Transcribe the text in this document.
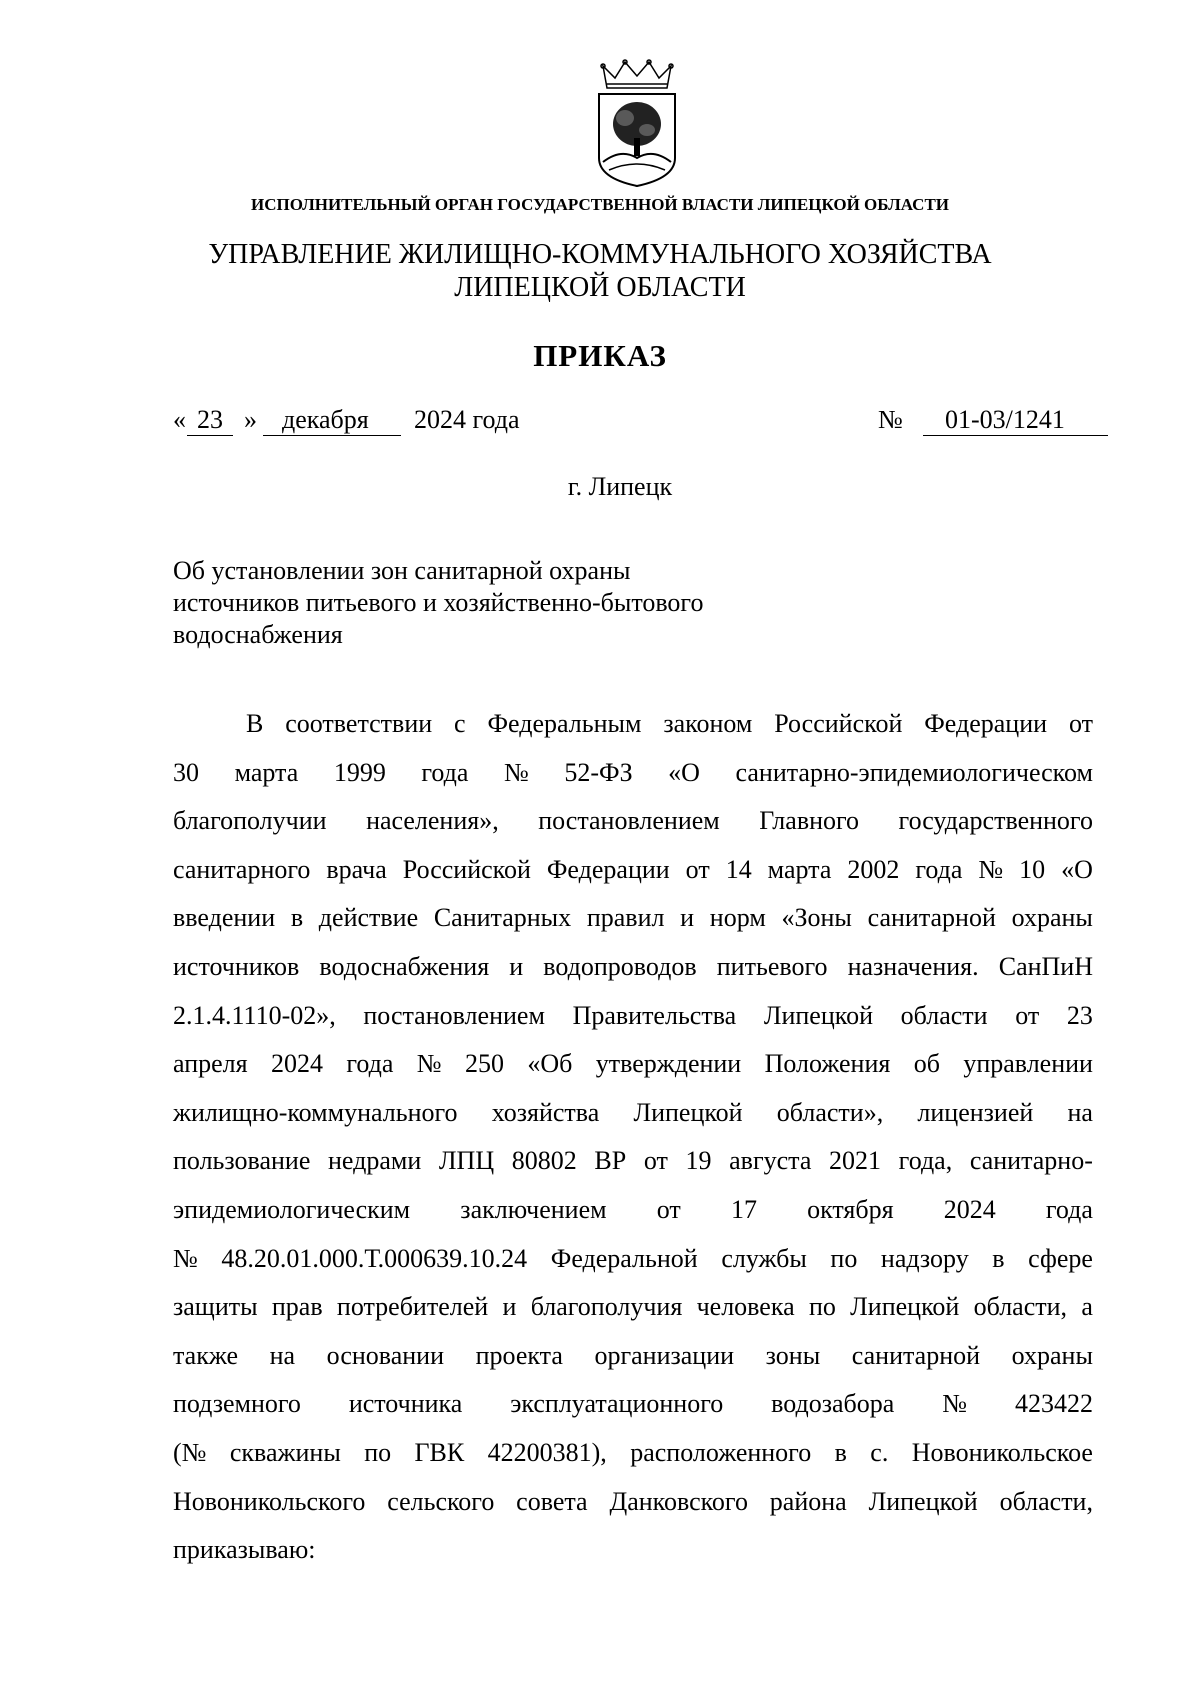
ИСПОЛНИТЕЛЬНЫЙ ОРГАН ГОСУДАРСТВЕННОЙ ВЛАСТИ ЛИПЕЦКОЙ ОБЛАСТИ
УПРАВЛЕНИЕ ЖИЛИЩНО-КОММУНАЛЬНОГО ХОЗЯЙСТВА
ЛИПЕЦКОЙ ОБЛАСТИ
ПРИКАЗ
« 23 » декабря 2024 года	№ 01-03/1241
г. Липецк
Об установлении зон санитарной охраны
источников питьевого и хозяйственно-бытового
водоснабжения
В соответствии с Федеральным законом Российской Федерации от
30 марта 1999 года № 52-ФЗ «О санитарно-эпидемиологическом
благополучии населения», постановлением Главного государственного
санитарного врача Российской Федерации от 14 марта 2002 года № 10 «О
введении в действие Санитарных правил и норм «Зоны санитарной охраны
источников водоснабжения и водопроводов питьевого назначения. СанПиН
2.1.4.1110-02», постановлением Правительства Липецкой области от 23
апреля 2024 года № 250 «Об утверждении Положения об управлении
жилищно-коммунального хозяйства Липецкой области», лицензией на
пользование недрами ЛПЦ 80802 ВР от 19 августа 2021 года, санитарно-
эпидемиологическим заключением от 17 октября 2024 года
№ 48.20.01.000.Т.000639.10.24 Федеральной службы по надзору в сфере
защиты прав потребителей и благополучия человека по Липецкой области, а
также на основании проекта организации зоны санитарной охраны
подземного источника эксплуатационного водозабора № 423422
(№ скважины по ГВК 42200381), расположенного в с. Новоникольское
Новоникольского сельского совета Данковского района Липецкой области,
приказываю:
